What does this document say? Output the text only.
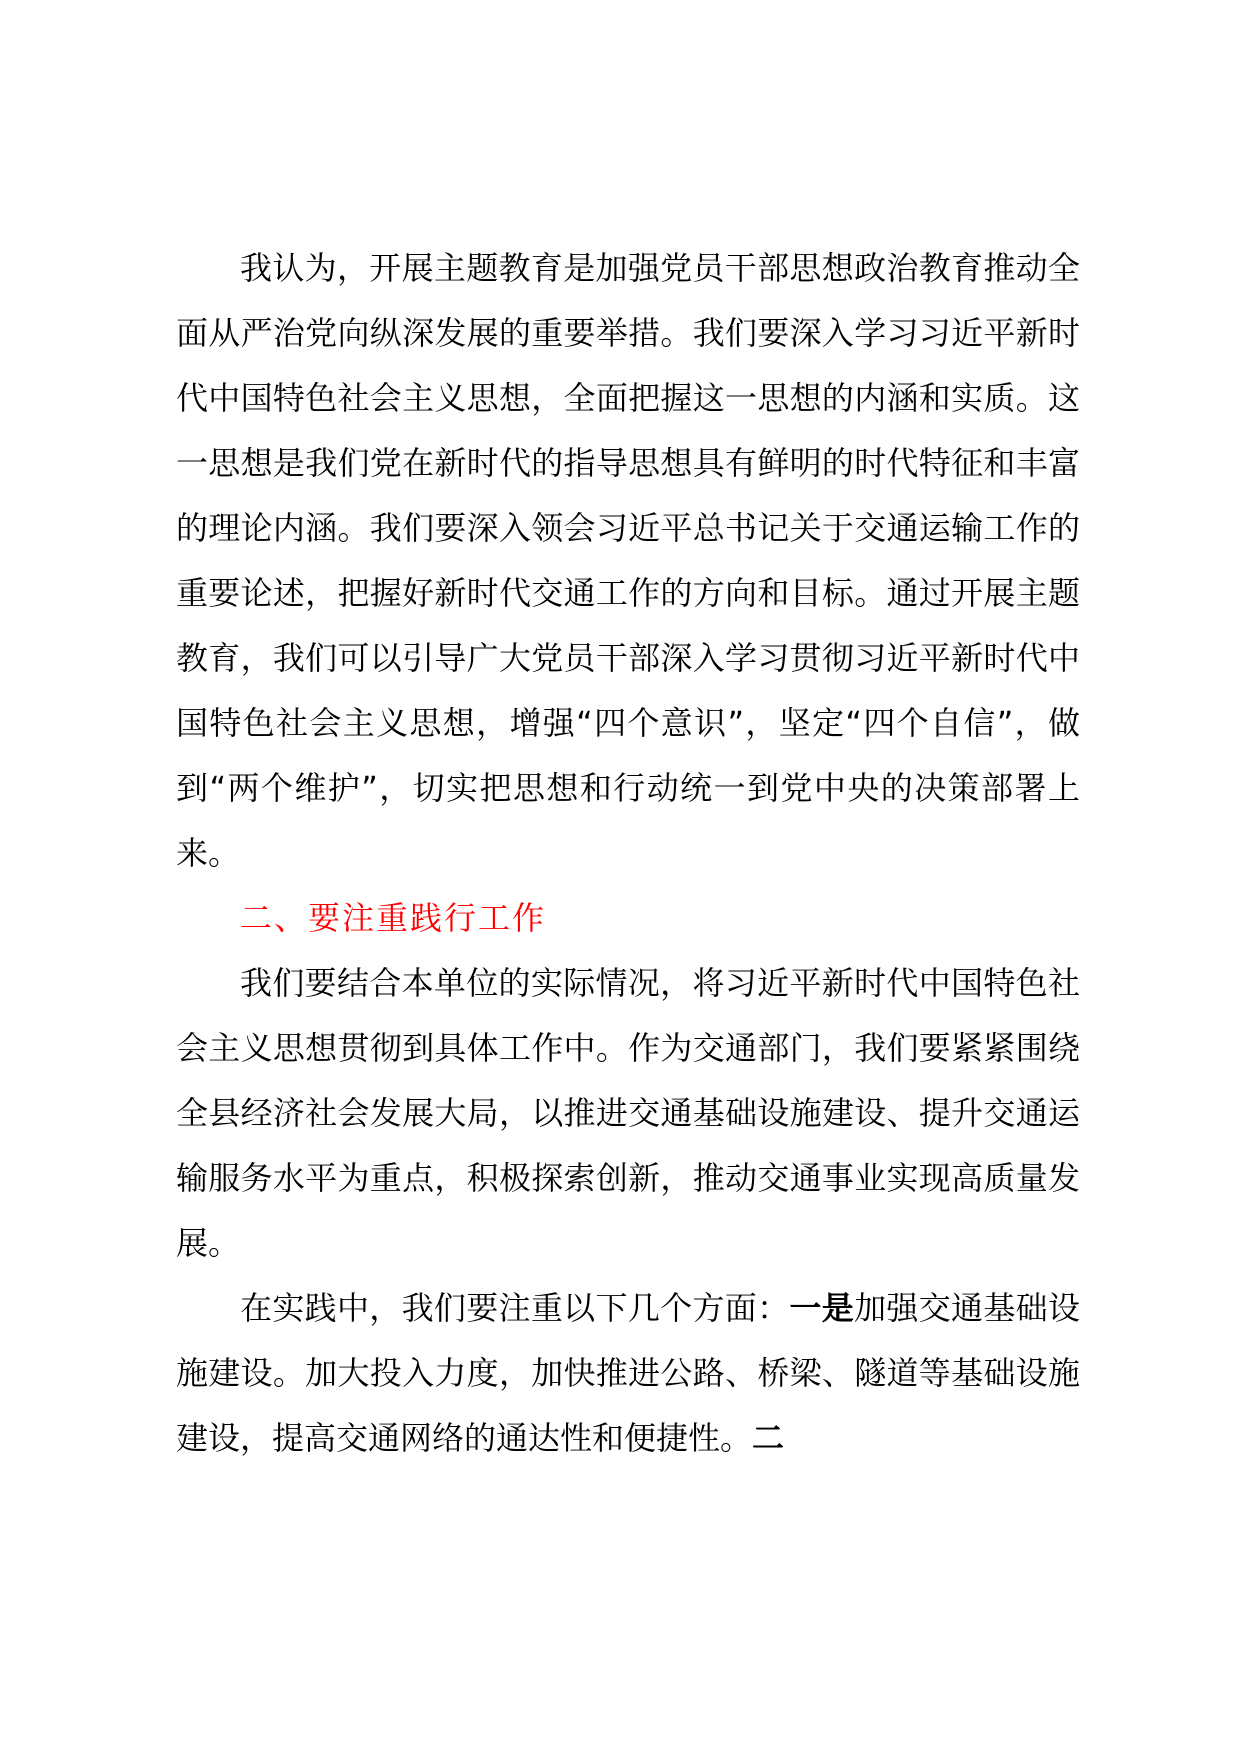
我认为，开展主题教育是加强党员干部思想政治教育推动全面从严治党向纵深发展的重要举措。我们要深入学习习近平新时代中国特色社会主义思想，全面把握这一思想的内涵和实质。这一思想是我们党在新时代的指导思想具有鲜明的时代特征和丰富的理论内涵。我们要深入领会习近平总书记关于交通运输工作的重要论述，把握好新时代交通工作的方向和目标。通过开展主题教育，我们可以引导广大党员干部深入学习贯彻习近平新时代中国特色社会主义思想，增强“四个意识”，坚定“四个自信”，做到“两个维护”，切实把思想和行动统一到党中央的决策部署上来。

二、要注重践行工作

我们要结合本单位的实际情况，将习近平新时代中国特色社会主义思想贯彻到具体工作中。作为交通部门，我们要紧紧围绕全县经济社会发展大局，以推进交通基础设施建设、提升交通运输服务水平为重点，积极探索创新，推动交通事业实现高质量发展。

在实践中，我们要注重以下几个方面：一是加强交通基础设施建设。加大投入力度，加快推进公路、桥梁、隧道等基础设施建设，提高交通网络的通达性和便捷性。二
